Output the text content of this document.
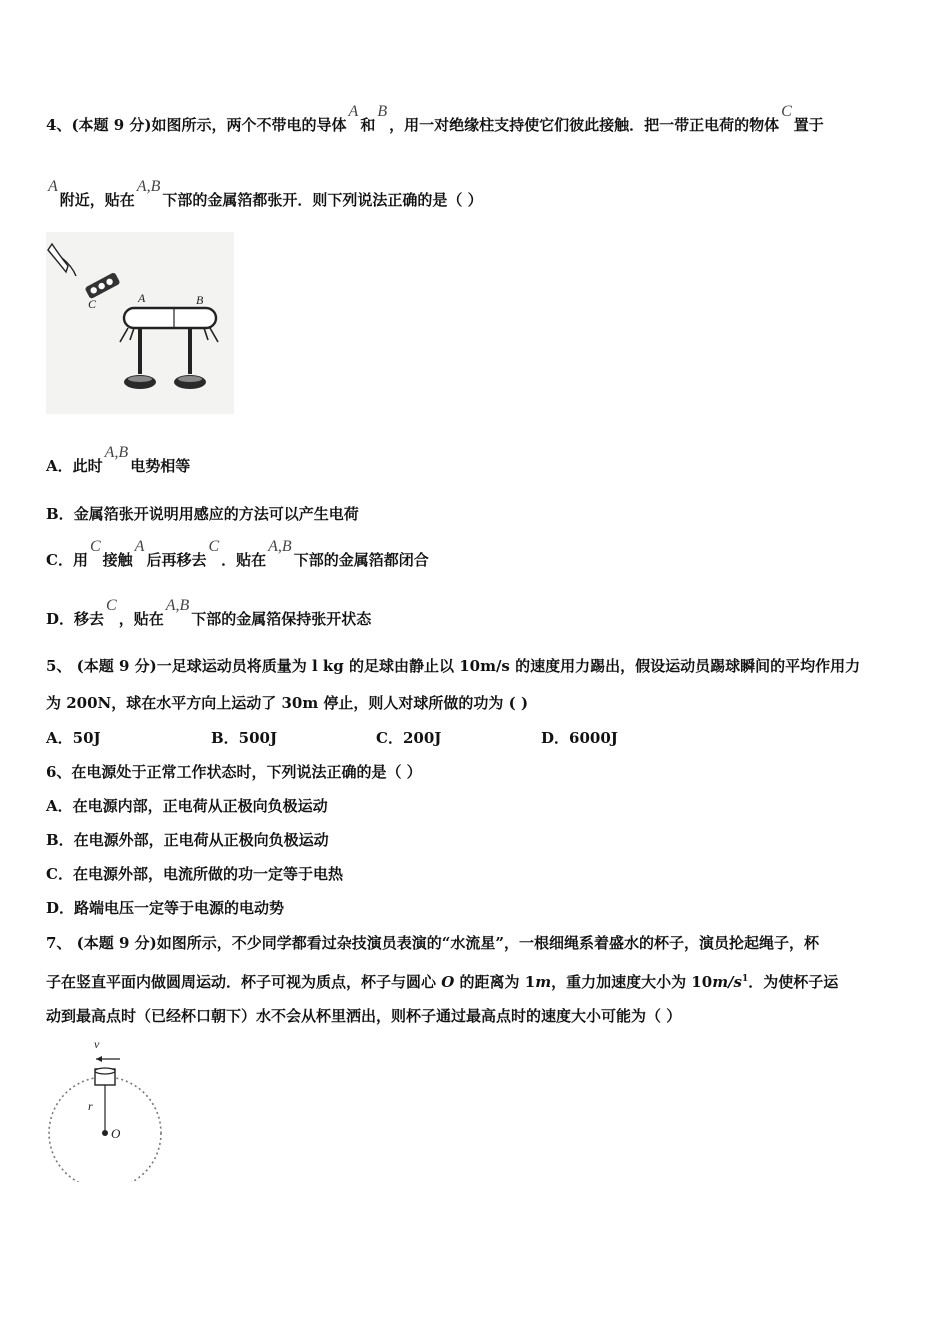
4、(本题 9 分)如图所示，两个不带电的导体A和B，用一对绝缘柱支持使它们彼此接触．把一带正电荷的物体C置于
A附近，贴在A,B下部的金属箔都张开．则下列说法正确的是（ ）
C	A	B
A．此时A,B电势相等
B．金属箔张开说明用感应的方法可以产生电荷
C．用C接触A后再移去C．贴在A,B下部的金属箔都闭合
D．移去C，贴在A,B下部的金属箔保持张开状态
5、 (本题 9 分)一足球运动员将质量为 l kg 的足球由静止以 10m/s 的速度用力踢出，假设运动员踢球瞬间的平均作用力
为 200N，球在水平方向上运动了 30m 停止，则人对球所做的功为 ( )
A．50J	B．500J	C．200J	D．6000J
6、在电源处于正常工作状态时，下列说法正确的是（ ）
A．在电源内部，正电荷从正极向负极运动
B．在电源外部，正电荷从正极向负极运动
C．在电源外部，电流所做的功一定等于电热
D．路端电压一定等于电源的电动势
7、 (本题 9 分)如图所示，不少同学都看过杂技演员表演的“水流星”，一根细绳系着盛水的杯子，演员抡起绳子，杯
子在竖直平面内做圆周运动．杯子可视为质点，杯子与圆心 O 的距离为 1m，重力加速度大小为 $10m/s^1$．为使杯子运
动到最高点时（已经杯口朝下）水不会从杯里洒出，则杯子通过最高点时的速度大小可能为（ ）
v
r
O
